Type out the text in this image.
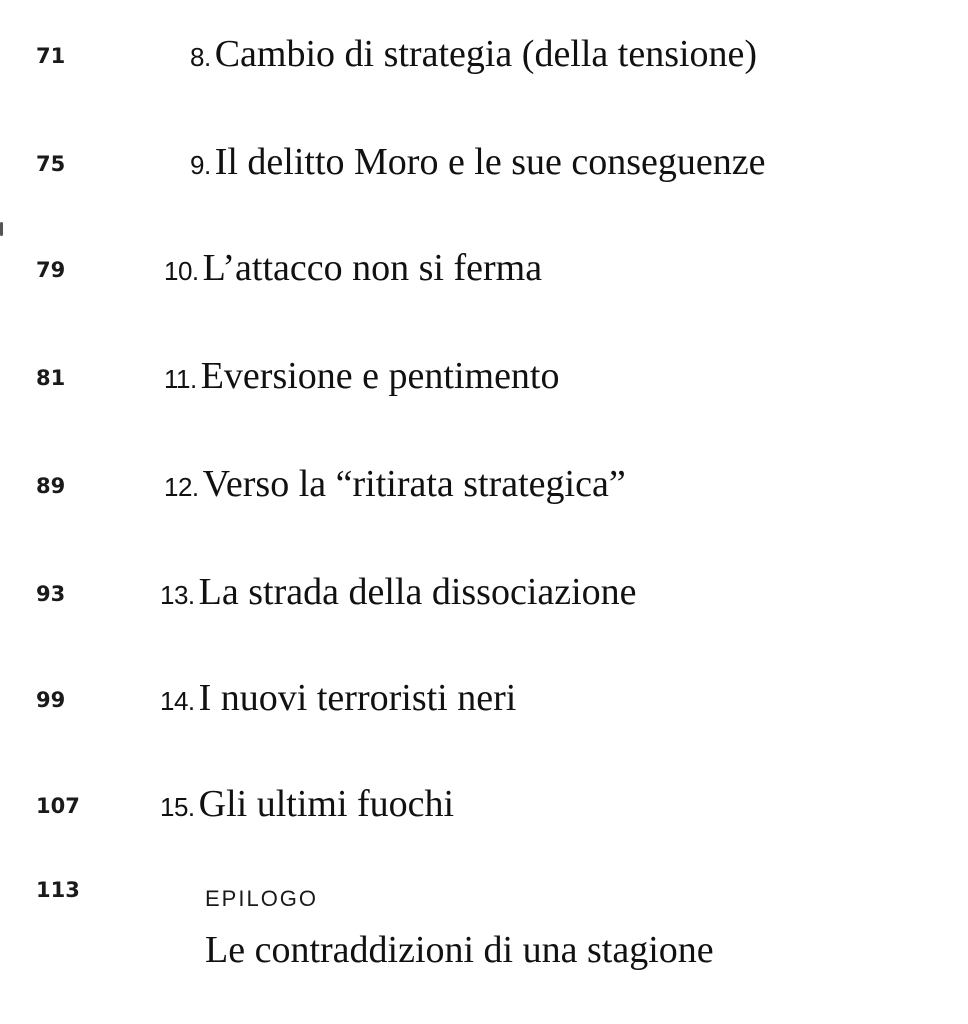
71	8. Cambio di strategia (della tensione)
75	9. Il delitto Moro e le sue conseguenze
79	10. L’attacco non si ferma
81	11. Eversione e pentimento
89	12. Verso la “ritirata strategica”
93	13. La strada della dissociazione
99	14. I nuovi terroristi neri
107	15. Gli ultimi fuochi
113	EPILOGO
Le contraddizioni di una stagione
